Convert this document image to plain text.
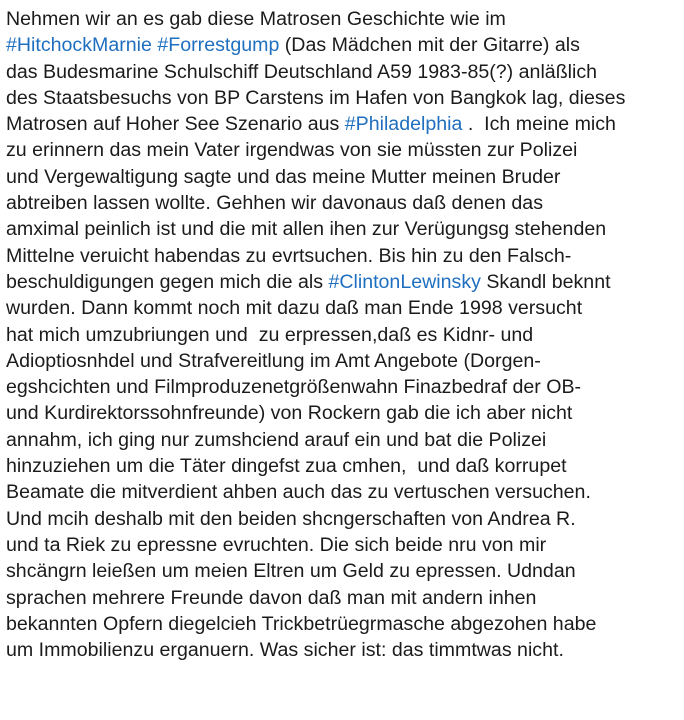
Nehmen wir an es gab diese Matrosen Geschichte wie im
#HitchockMarnie #Forrestgump (Das Mädchen mit der Gitarre) als
das Budesmarine Schulschiff Deutschland A59 1983-85(?) anläßlich
des Staatsbesuchs von BP Carstens im Hafen von Bangkok lag, dieses
Matrosen auf Hoher See Szenario aus #Philadelphia .  Ich meine mich
zu erinnern das mein Vater irgendwas von sie müssten zur Polizei
und Vergewaltigung sagte und das meine Mutter meinen Bruder
abtreiben lassen wollte. Gehhen wir davonaus daß denen das
amximal peinlich ist und die mit allen ihen zur Verügungsg stehenden
Mittelne veruicht habendas zu evrtsuchen. Bis hin zu den Falsch-
beschuldigungen gegen mich die als #ClintonLewinsky Skandl beknnt
wurden. Dann kommt noch mit dazu daß man Ende 1998 versucht
hat mich umzubriungen und  zu erpressen,daß es Kidnr- und
Adioptiosnhdel und Strafvereitlung im Amt Angebote (Dorgen-
egshcichten und Filmproduzenetgrößenwahn Finazbedraf der OB-
und Kurdirektorssohnfreunde) von Rockern gab die ich aber nicht
annahm, ich ging nur zumshciend arauf ein und bat die Polizei
hinzuziehen um die Täter dingefst zua cmhen,  und daß korrupet
Beamate die mitverdient ahben auch das zu vertuschen versuchen.
Und mcih deshalb mit den beiden shcngerschaften von Andrea R.
und ta Riek zu epressne evruchten. Die sich beide nru von mir
shcängrn leießen um meien Eltren um Geld zu epressen. Udndan
sprachen mehrere Freunde davon daß man mit andern inhen
bekannten Opfern diegelcieh Trickbetrüegrmasche abgezohen habe
um Immobilienzu erganuern. Was sicher ist: das timmtwas nicht.
